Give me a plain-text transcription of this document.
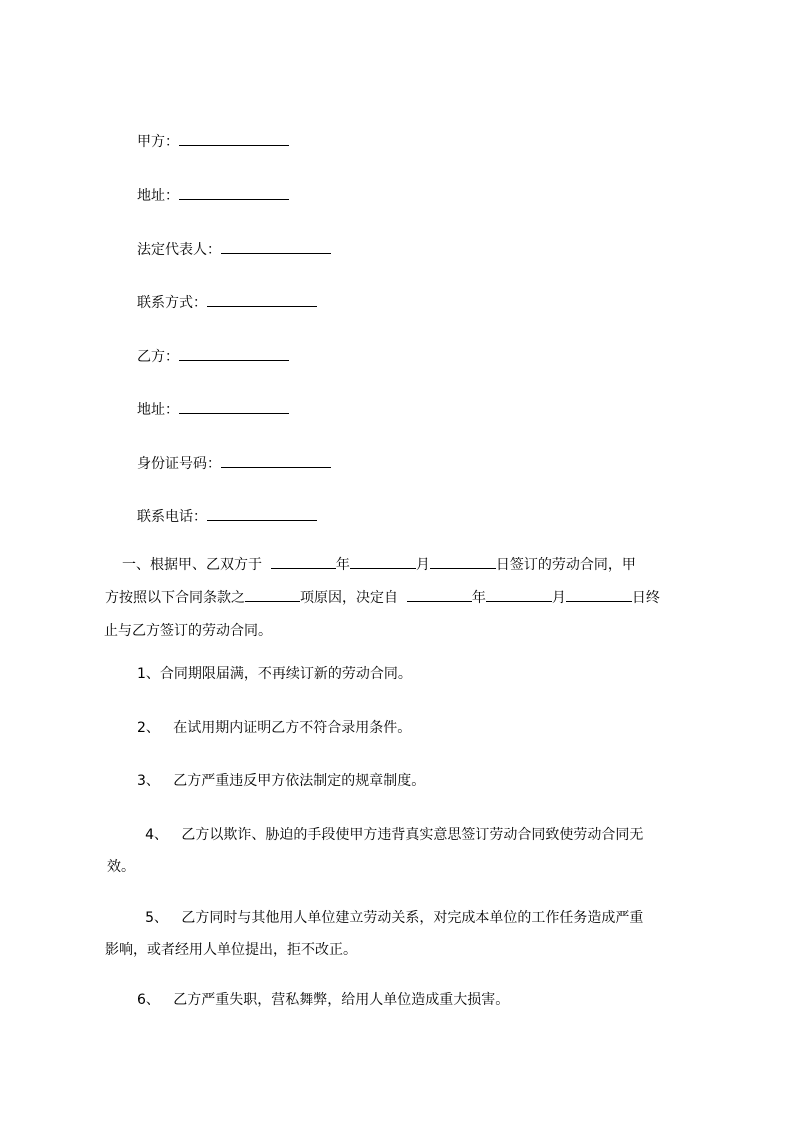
甲方：
地址：
法定代表人：
联系方式：
乙方：
地址：
身份证号码：
联系电话：
一、根据甲、乙双方于	年	月	日签订的劳动合同，甲
方按照以下合同条款之	项原因，决定自	年	月	日终
止与乙方签订的劳动合同。
1、合同期限届满，不再续订新的劳动合同。
2、 在试用期内证明乙方不符合录用条件。
3、 乙方严重违反甲方依法制定的规章制度。
4、 乙方以欺诈、胁迫的手段使甲方违背真实意思签订劳动合同致使劳动合同无
效。
5、 乙方同时与其他用人单位建立劳动关系，对完成本单位的工作任务造成严重
影响，或者经用人单位提出，拒不改正。
6、 乙方严重失职，营私舞弊，给用人单位造成重大损害。
